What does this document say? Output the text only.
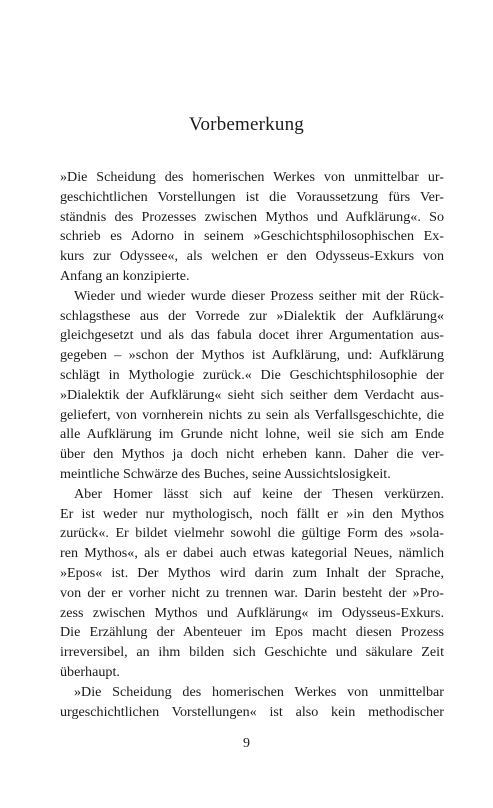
Vorbemerkung
»Die Scheidung des homerischen Werkes von unmittelbar ur-
geschichtlichen Vorstellungen ist die Voraussetzung fürs Ver-
ständnis des Prozesses zwischen Mythos und Aufklärung«. So
schrieb es Adorno in seinem »Geschichtsphilosophischen Ex-
kurs zur Odyssee«, als welchen er den Odysseus-Exkurs von
Anfang an konzipierte.
Wieder und wieder wurde dieser Prozess seither mit der Rück-
schlagsthese aus der Vorrede zur »Dialektik der Aufklärung«
gleichgesetzt und als das fabula docet ihrer Argumentation aus-
gegeben – »schon der Mythos ist Aufklärung, und: Aufklärung
schlägt in Mythologie zurück.« Die Geschichtsphilosophie der
»Dialektik der Aufklärung« sieht sich seither dem Verdacht aus-
geliefert, von vornherein nichts zu sein als Verfallsgeschichte, die
alle Aufklärung im Grunde nicht lohne, weil sie sich am Ende
über den Mythos ja doch nicht erheben kann. Daher die ver-
meintliche Schwärze des Buches, seine Aussichtslosigkeit.
Aber Homer lässt sich auf keine der Thesen verkürzen.
Er ist weder nur mythologisch, noch fällt er »in den Mythos
zurück«. Er bildet vielmehr sowohl die gültige Form des »sola-
ren Mythos«, als er dabei auch etwas kategorial Neues, nämlich
»Epos« ist. Der Mythos wird darin zum Inhalt der Sprache,
von der er vorher nicht zu trennen war. Darin besteht der »Pro-
zess zwischen Mythos und Aufklärung« im Odysseus-Exkurs.
Die Erzählung der Abenteuer im Epos macht diesen Prozess
irreversibel, an ihm bilden sich Geschichte und säkulare Zeit
überhaupt.
»Die Scheidung des homerischen Werkes von unmittelbar
urgeschichtlichen Vorstellungen« ist also kein methodischer
9
